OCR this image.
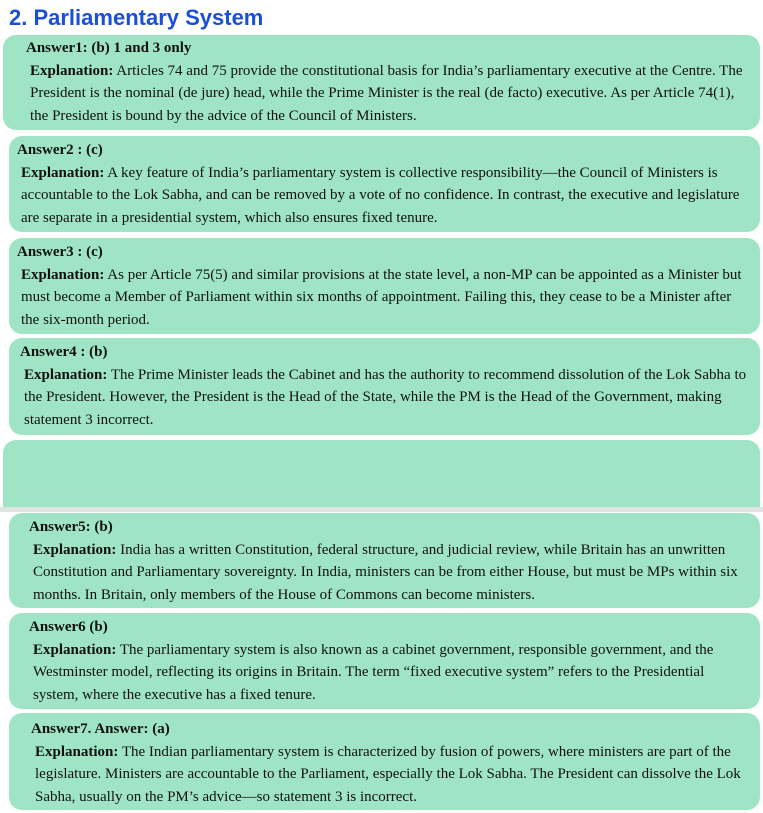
2. Parliamentary System
Answer1: (b) 1 and 3 only
Explanation: Articles 74 and 75 provide the constitutional basis for India’s parliamentary executive at the Centre. The President is the nominal (de jure) head, while the Prime Minister is the real (de facto) executive. As per Article 74(1), the President is bound by the advice of the Council of Ministers.
Answer2 : (c)
Explanation: A key feature of India’s parliamentary system is collective responsibility—the Council of Ministers is accountable to the Lok Sabha, and can be removed by a vote of no confidence. In contrast, the executive and legislature are separate in a presidential system, which also ensures fixed tenure.
Answer3 : (c)
Explanation: As per Article 75(5) and similar provisions at the state level, a non-MP can be appointed as a Minister but must become a Member of Parliament within six months of appointment. Failing this, they cease to be a Minister after the six-month period.
Answer4 : (b)
Explanation: The Prime Minister leads the Cabinet and has the authority to recommend dissolution of the Lok Sabha to the President. However, the President is the Head of the State, while the PM is the Head of the Government, making statement 3 incorrect.
Answer5: (b)
Explanation: India has a written Constitution, federal structure, and judicial review, while Britain has an unwritten Constitution and Parliamentary sovereignty. In India, ministers can be from either House, but must be MPs within six months. In Britain, only members of the House of Commons can become ministers.
Answer6 (b)
Explanation: The parliamentary system is also known as a cabinet government, responsible government, and the Westminster model, reflecting its origins in Britain. The term “fixed executive system” refers to the Presidential system, where the executive has a fixed tenure.
Answer7. Answer: (a)
Explanation: The Indian parliamentary system is characterized by fusion of powers, where ministers are part of the legislature. Ministers are accountable to the Parliament, especially the Lok Sabha. The President can dissolve the Lok Sabha, usually on the PM’s advice—so statement 3 is incorrect.
